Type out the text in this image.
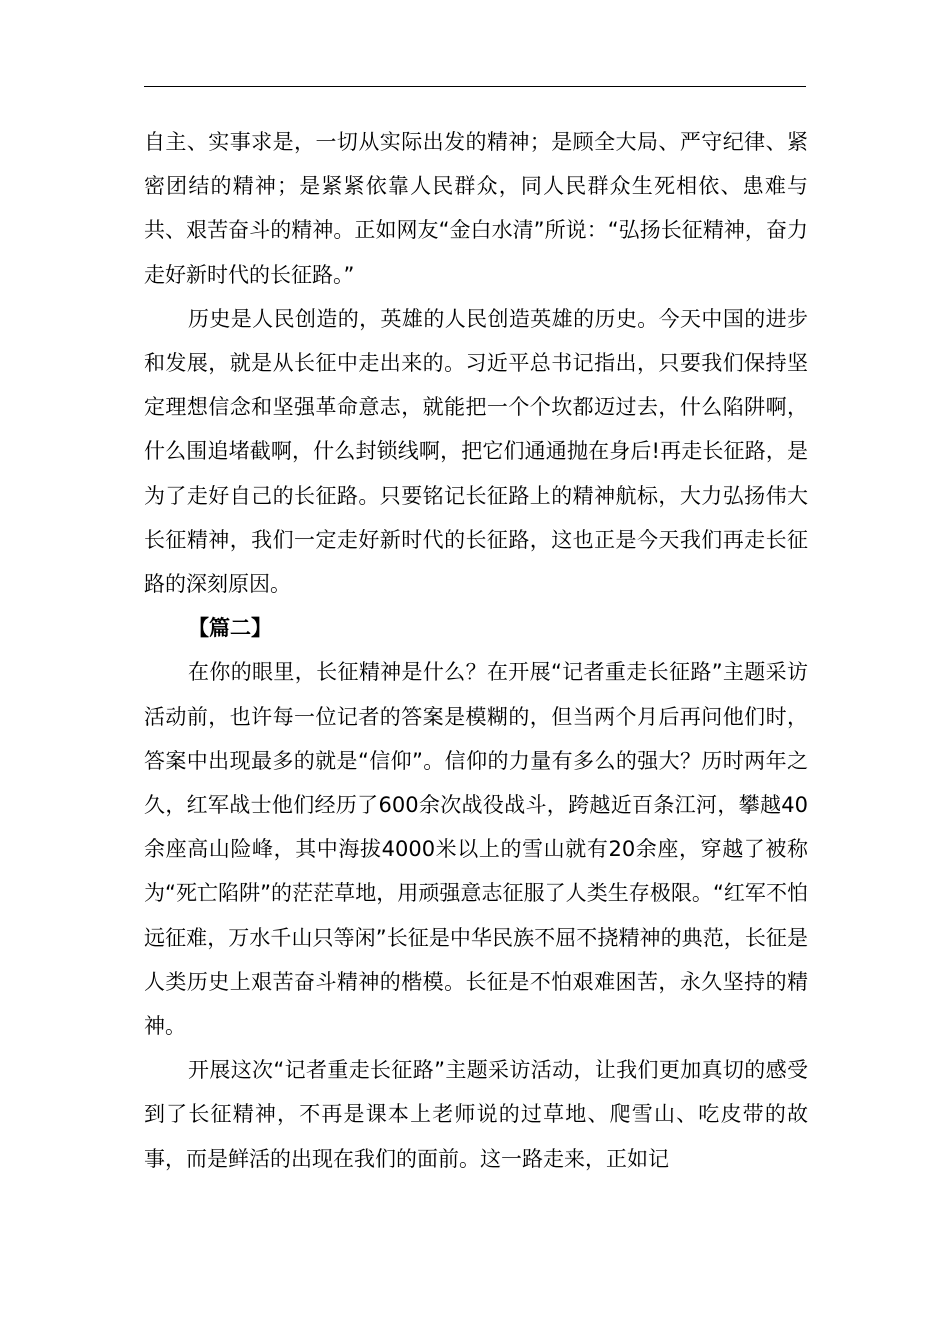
自主、实事求是，一切从实际出发的精神；是顾全大局、严守纪律、紧密团结的精神；是紧紧依靠人民群众，同人民群众生死相依、患难与共、艰苦奋斗的精神。正如网友“金白水清”所说：“弘扬长征精神，奋力走好新时代的长征路。”

历史是人民创造的，英雄的人民创造英雄的历史。今天中国的进步和发展，就是从长征中走出来的。习近平总书记指出，只要我们保持坚定理想信念和坚强革命意志，就能把一个个坎都迈过去，什么陷阱啊，什么围追堵截啊，什么封锁线啊，把它们通通抛在身后!再走长征路，是为了走好自己的长征路。只要铭记长征路上的精神航标，大力弘扬伟大长征精神，我们一定走好新时代的长征路，这也正是今天我们再走长征路的深刻原因。

【篇二】

在你的眼里，长征精神是什么？在开展“记者重走长征路”主题采访活动前，也许每一位记者的答案是模糊的，但当两个月后再问他们时，答案中出现最多的就是“信仰”。信仰的力量有多么的强大？历时两年之久，红军战士他们经历了600余次战役战斗，跨越近百条江河，攀越40余座高山险峰，其中海拔4000米以上的雪山就有20余座，穿越了被称为“死亡陷阱”的茫茫草地，用顽强意志征服了人类生存极限。“红军不怕远征难，万水千山只等闲”长征是中华民族不屈不挠精神的典范，长征是人类历史上艰苦奋斗精神的楷模。长征是不怕艰难困苦，永久坚持的精神。

开展这次“记者重走长征路”主题采访活动，让我们更加真切的感受到了长征精神，不再是课本上老师说的过草地、爬雪山、吃皮带的故事，而是鲜活的出现在我们的面前。这一路走来，正如记
